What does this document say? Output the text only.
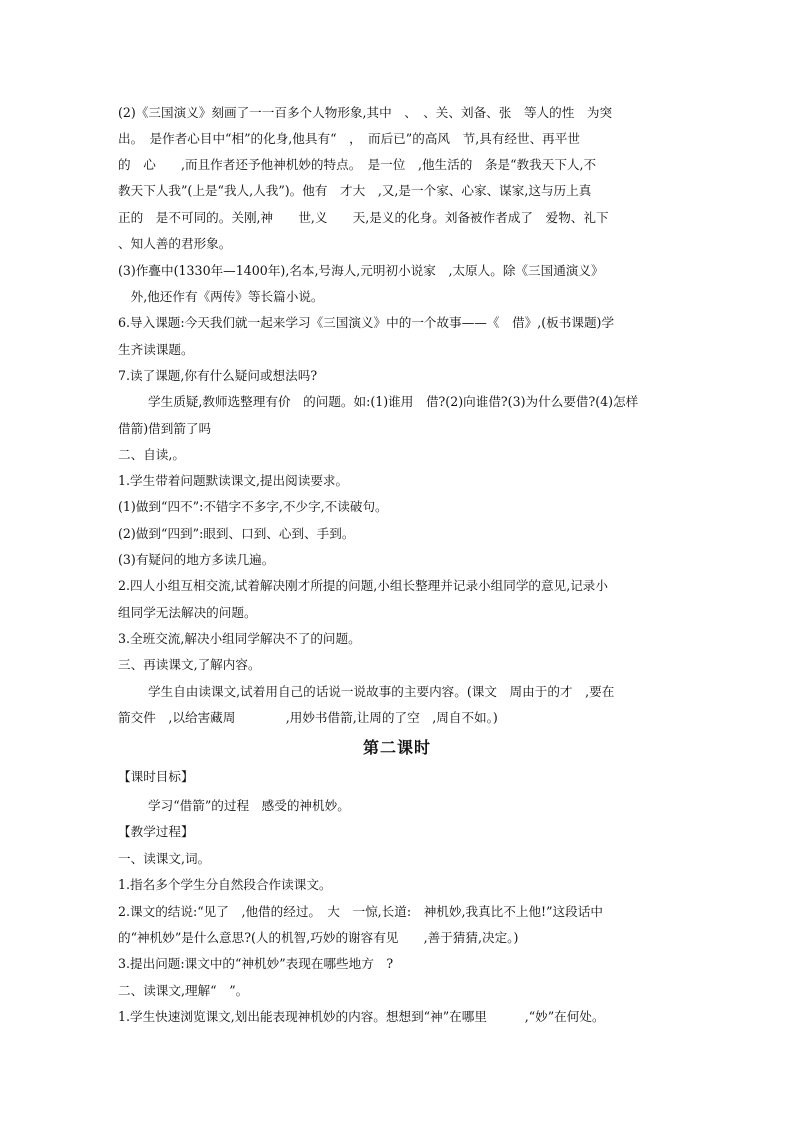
(2)《三国演义》刻画了一一百多个人物形象,其中　、　、关、刘备、张　等人的性　为突
出。　是作者心目中“相”的化身,他具有“　，　而后已”的高风　节,具有经世、再平世
的　心　　,而且作者还予他神机妙的特点。　是一位　,他生活的　条是“教我天下人,不
教天下人我”(上是“我人,人我”)。他有　才大　,又,是一个家、心家、谋家,这与历上真
正的　是不可同的。关刚,神　　世,义　　天,是义的化身。刘备被作者成了　爱物、礼下
、知人善的君形象。
(3)作亹中(1330年—1400年),名本,号海人,元明初小说家　,太原人。除《三国通演义》
　外,他还作有《两传》等长篇小说。
6.导入课题:今天我们就一起来学习《三国演义》中的一个故事——《　借》,(板书课题)学
生齐读课题。
7.读了课题,你有什么疑问或想法吗?
学生质疑,教师选整理有价　的问题。如:(1)谁用　借?(2)向谁借?(3)为什么要借?(4)怎样
借箭)借到箭了吗
二、自读,。
1.学生带着问题默读课文,提出阅读要求。
(1)做到“四不”:不错字不多字,不少字,不读破句。
(2)做到“四到”:眼到、口到、心到、手到。
(3)有疑问的地方多读几遍。
2.四人小组互相交流,试着解决刚才所提的问题,小组长整理并记录小组同学的意见,记录小
组同学无法解决的问题。
3.全班交流,解决小组同学解决不了的问题。
三、再读课文,了解内容。
学生自由读课文,试着用自己的话说一说故事的主要内容。(课文　周由于的才　,要在
箭交件　,以给害藏周　　　　,用妙书借箭,让周的了空　,周自不如。)
第二课时
【课时目标】
学习“借箭”的过程　感受的神机妙。
【教学过程】
一、读课文,词。
1.指名多个学生分自然段合作读课文。
2.课文的结说:“见了　,他借的经过。　大　一惊,长道:　神机妙,我真比不上他!”这段话中
的“神机妙”是什么意思?(人的机智,巧妙的谢容有见　　,善于猜猜,决定。)
3.提出问题:课文中的“神机妙”表现在哪些地方　?
二、读课文,理解“　”。
1.学生快速浏览课文,划出能表现神机妙的内容。想想到“神”在哪里　　　,“妙”在何处。
